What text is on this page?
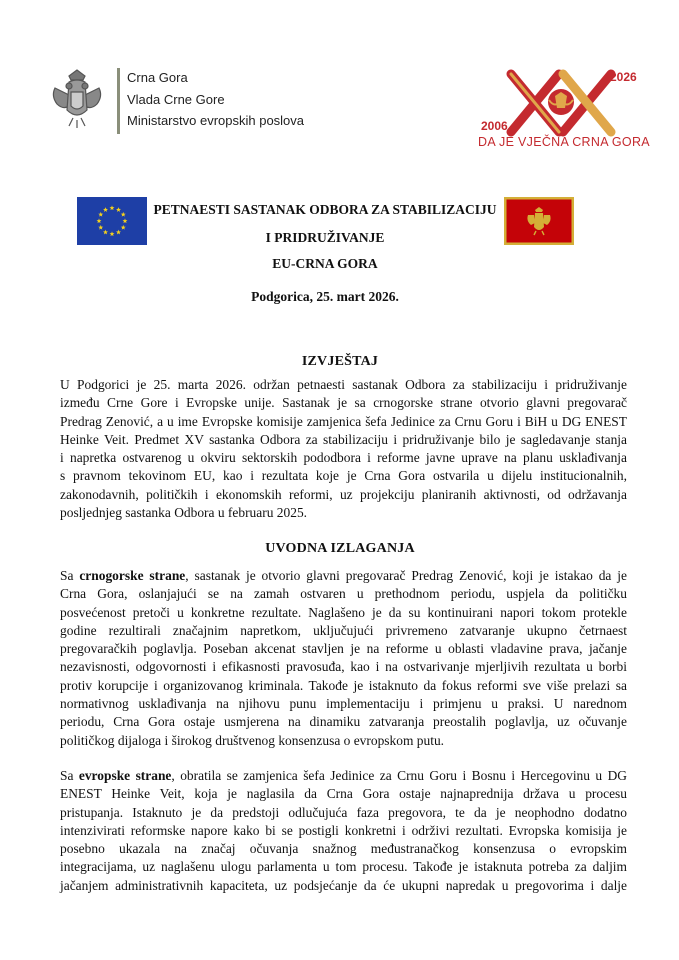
Crna Gora
Vlada Crne Gore
Ministarstvo evropskih poslova	2006
2026
DA JE VJEČNA CRNA GORA
PETNAESTI SASTANAK ODBORA ZA STABILIZACIJU
I PRIDRUŽIVANJE
EU-CRNA GORA
Podgorica, 25. mart 2026.
IZVJEŠTAJ
U Podgorici je 25. marta 2026. održan petnaesti sastanak Odbora za stabilizaciju i pridruživanje
između Crne Gore i Evropske unije. Sastanak je sa crnogorske strane otvorio glavni pregovarač
Predrag Zenović, a u ime Evropske komisije zamjenica šefa Jedinice za Crnu Goru i BiH u DG ENEST
Heinke Veit. Predmet XV sastanka Odbora za stabilizaciju i pridruživanje bilo je sagledavanje stanja
i napretka ostvarenog u okviru sektorskih pododbora i reforme javne uprave na planu usklađivanja
s pravnom tekovinom EU, kao i rezultata koje je Crna Gora ostvarila u dijelu institucionalnih,
zakonodavnih, političkih i ekonomskih reformi, uz projekciju planiranih aktivnosti, od održavanja
posljednjeg sastanka Odbora u februaru 2025.
UVODNA IZLAGANJA
Sa crnogorske strane, sastanak je otvorio glavni pregovarač Predrag Zenović, koji je istakao da je
Crna Gora, oslanjajući se na zamah ostvaren u prethodnom periodu, uspjela da političku
posvećenost pretoči u konkretne rezultate. Naglašeno je da su kontinuirani napori tokom protekle
godine rezultirali značajnim napretkom, uključujući privremeno zatvaranje ukupno četrnaest
pregovaračkih poglavlja. Poseban akcenat stavljen je na reforme u oblasti vladavine prava, jačanje
nezavisnosti, odgovornosti i efikasnosti pravosuđa, kao i na ostvarivanje mjerljivih rezultata u borbi
protiv korupcije i organizovanog kriminala. Takođe je istaknuto da fokus reformi sve više prelazi sa
normativnog usklađivanja na njihovu punu implementaciju i primjenu u praksi. U narednom
periodu, Crna Gora ostaje usmjerena na dinamiku zatvaranja preostalih poglavlja, uz očuvanje
političkog dijaloga i širokog društvenog konsenzusa o evropskom putu.
Sa evropske strane, obratila se zamjenica šefa Jedinice za Crnu Goru i Bosnu i Hercegovinu u DG
ENEST Heinke Veit, koja je naglasila da Crna Gora ostaje najnaprednija država u procesu
pristupanja. Istaknuto je da predstoji odlučujuća faza pregovora, te da je neophodno dodatno
intenzivirati reformske napore kako bi se postigli konkretni i održivi rezultati. Evropska komisija je
posebno ukazala na značaj očuvanja snažnog međustranačkog konsenzusa o evropskim
integracijama, uz naglašenu ulogu parlamenta u tom procesu. Takođe je istaknuta potreba za daljim
jačanjem administrativnih kapaciteta, uz podsjećanje da će ukupni napredak u pregovorima i dalje
